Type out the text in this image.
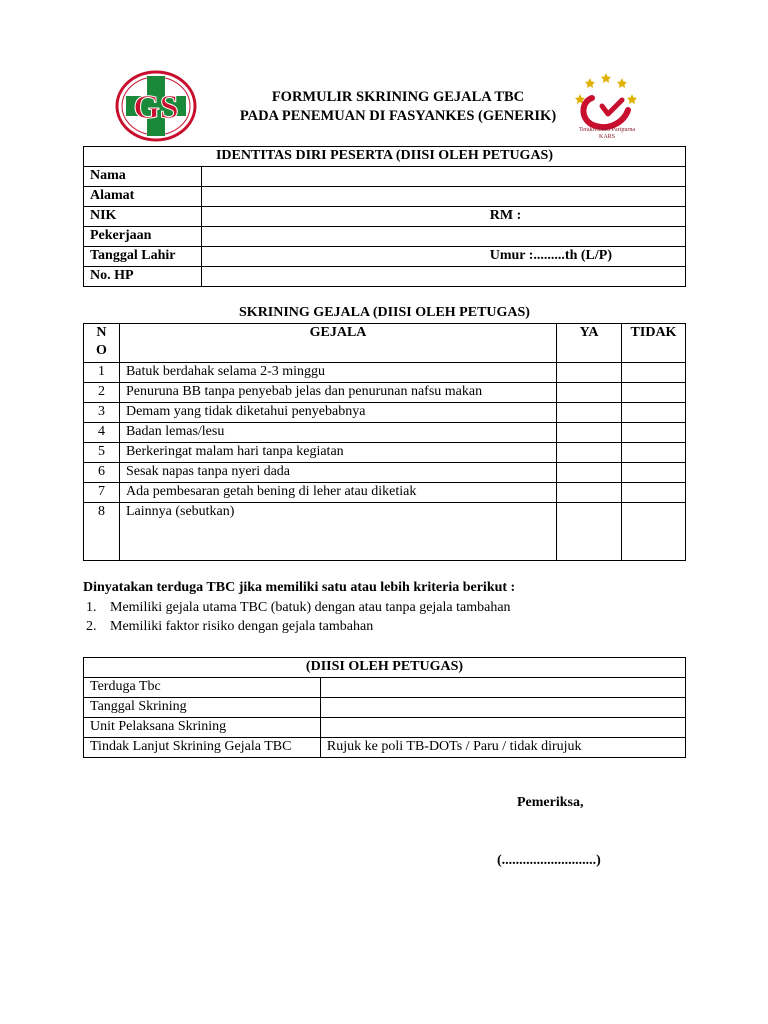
GS
Terakreditasi Paripurna
KARS
FORMULIR SKRINING GEJALA TBC
PADA PENEMUAN DI FASYANKES (GENERIK)
IDENTITAS DIRI PESERTA (DIISI OLEH PETUGAS)	
Nama	
Alamat	
NIK	RM :
Pekerjaan	
Tanggal Lahir	Umur :.........th (L/P)
No. HP	
SKRINING GEJALA (DIISI OLEH PETUGAS)
N
O	GEJALA	YA	TIDAK
1	Batuk berdahak selama 2-3 minggu		
2	Penuruna BB tanpa penyebab jelas dan penurunan nafsu makan		
3	Demam yang tidak diketahui penyebabnya		
4	Badan lemas/lesu		
5	Berkeringat malam hari tanpa kegiatan		
6	Sesak napas tanpa nyeri dada		
7	Ada pembesaran getah bening di leher atau diketiak		
8	Lainnya (sebutkan)		
Dinyatakan terduga TBC jika memiliki satu atau lebih kriteria berikut :
1. Memiliki gejala utama TBC (batuk) dengan atau tanpa gejala tambahan
2. Memiliki faktor risiko dengan gejala tambahan
(DIISI OLEH PETUGAS)	
Terduga Tbc	
Tanggal Skrining	
Unit Pelaksana Skrining	
Tindak Lanjut Skrining Gejala TBC	Rujuk ke poli TB-DOTs / Paru / tidak dirujuk
Pemeriksa,
(...........................)
